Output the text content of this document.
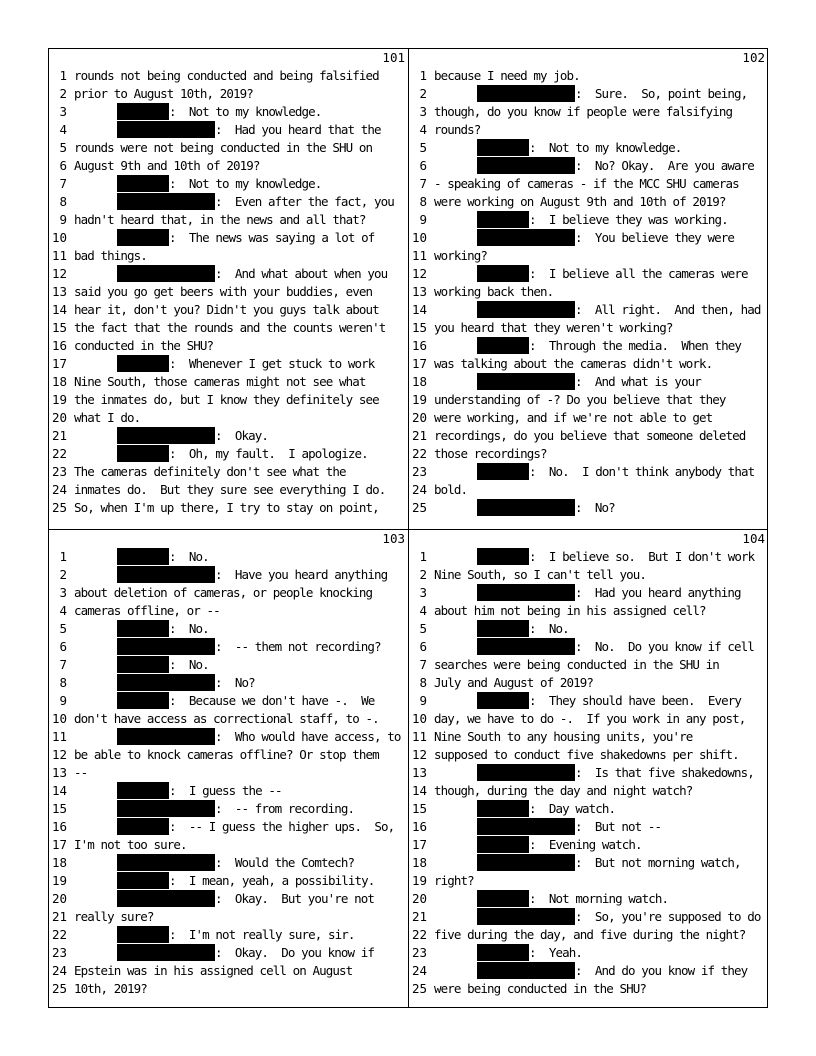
101
1 rounds not being conducted and being falsified
2 prior to August 10th, 2019?
3	:  Not to my knowledge.
4	:  Had you heard that the
5 rounds were not being conducted in the SHU on
6 August 9th and 10th of 2019?
7	:  Not to my knowledge.
8	:  Even after the fact, you
9 hadn't heard that, in the news and all that?
10	:  The news was saying a lot of
11 bad things.
12	:  And what about when you
13 said you go get beers with your buddies, even
14 hear it, don't you? Didn't you guys talk about
15 the fact that the rounds and the counts weren't
16 conducted in the SHU?
17	:  Whenever I get stuck to work
18 Nine South, those cameras might not see what
19 the inmates do, but I know they definitely see
20 what I do.
21	:  Okay.
22	:  Oh, my fault.  I apologize.
23 The cameras definitely don't see what the
24 inmates do.  But they sure see everything I do.
25 So, when I'm up there, I try to stay on point,
102
1 because I need my job.
2	:  Sure.  So, point being,
3 though, do you know if people were falsifying
4 rounds?
5	:  Not to my knowledge.
6	:  No? Okay.  Are you aware
7 - speaking of cameras - if the MCC SHU cameras
8 were working on August 9th and 10th of 2019?
9	:  I believe they was working.
10	:  You believe they were
11 working?
12	:  I believe all the cameras were
13 working back then.
14	:  All right.  And then, had
15 you heard that they weren't working?
16	:  Through the media.  When they
17 was talking about the cameras didn't work.
18	:  And what is your
19 understanding of -? Do you believe that they
20 were working, and if we're not able to get
21 recordings, do you believe that someone deleted
22 those recordings?
23	:  No.  I don't think anybody that
24 bold.
25	:  No?
103
1	:  No.
2	:  Have you heard anything
3 about deletion of cameras, or people knocking
4 cameras offline, or --
5	:  No.
6	:  -- them not recording?
7	:  No.
8	:  No?
9	:  Because we don't have -.  We
10 don't have access as correctional staff, to -.
11	:  Who would have access, to
12 be able to knock cameras offline? Or stop them
13 --
14	:  I guess the --
15	:  -- from recording.
16	:  -- I guess the higher ups.  So,
17 I'm not too sure.
18	:  Would the Comtech?
19	:  I mean, yeah, a possibility.
20	:  Okay.  But you're not
21 really sure?
22	:  I'm not really sure, sir.
23	:  Okay.  Do you know if
24 Epstein was in his assigned cell on August
25 10th, 2019?
104
1	:  I believe so.  But I don't work
2 Nine South, so I can't tell you.
3	:  Had you heard anything
4 about him not being in his assigned cell?
5	:  No.
6	:  No.  Do you know if cell
7 searches were being conducted in the SHU in
8 July and August of 2019?
9	:  They should have been.  Every
10 day, we have to do -.  If you work in any post,
11 Nine South to any housing units, you're
12 supposed to conduct five shakedowns per shift.
13	:  Is that five shakedowns,
14 though, during the day and night watch?
15	:  Day watch.
16	:  But not --
17	:  Evening watch.
18	:  But not morning watch,
19 right?
20	:  Not morning watch.
21	:  So, you're supposed to do
22 five during the day, and five during the night?
23	:  Yeah.
24	:  And do you know if they
25 were being conducted in the SHU?
